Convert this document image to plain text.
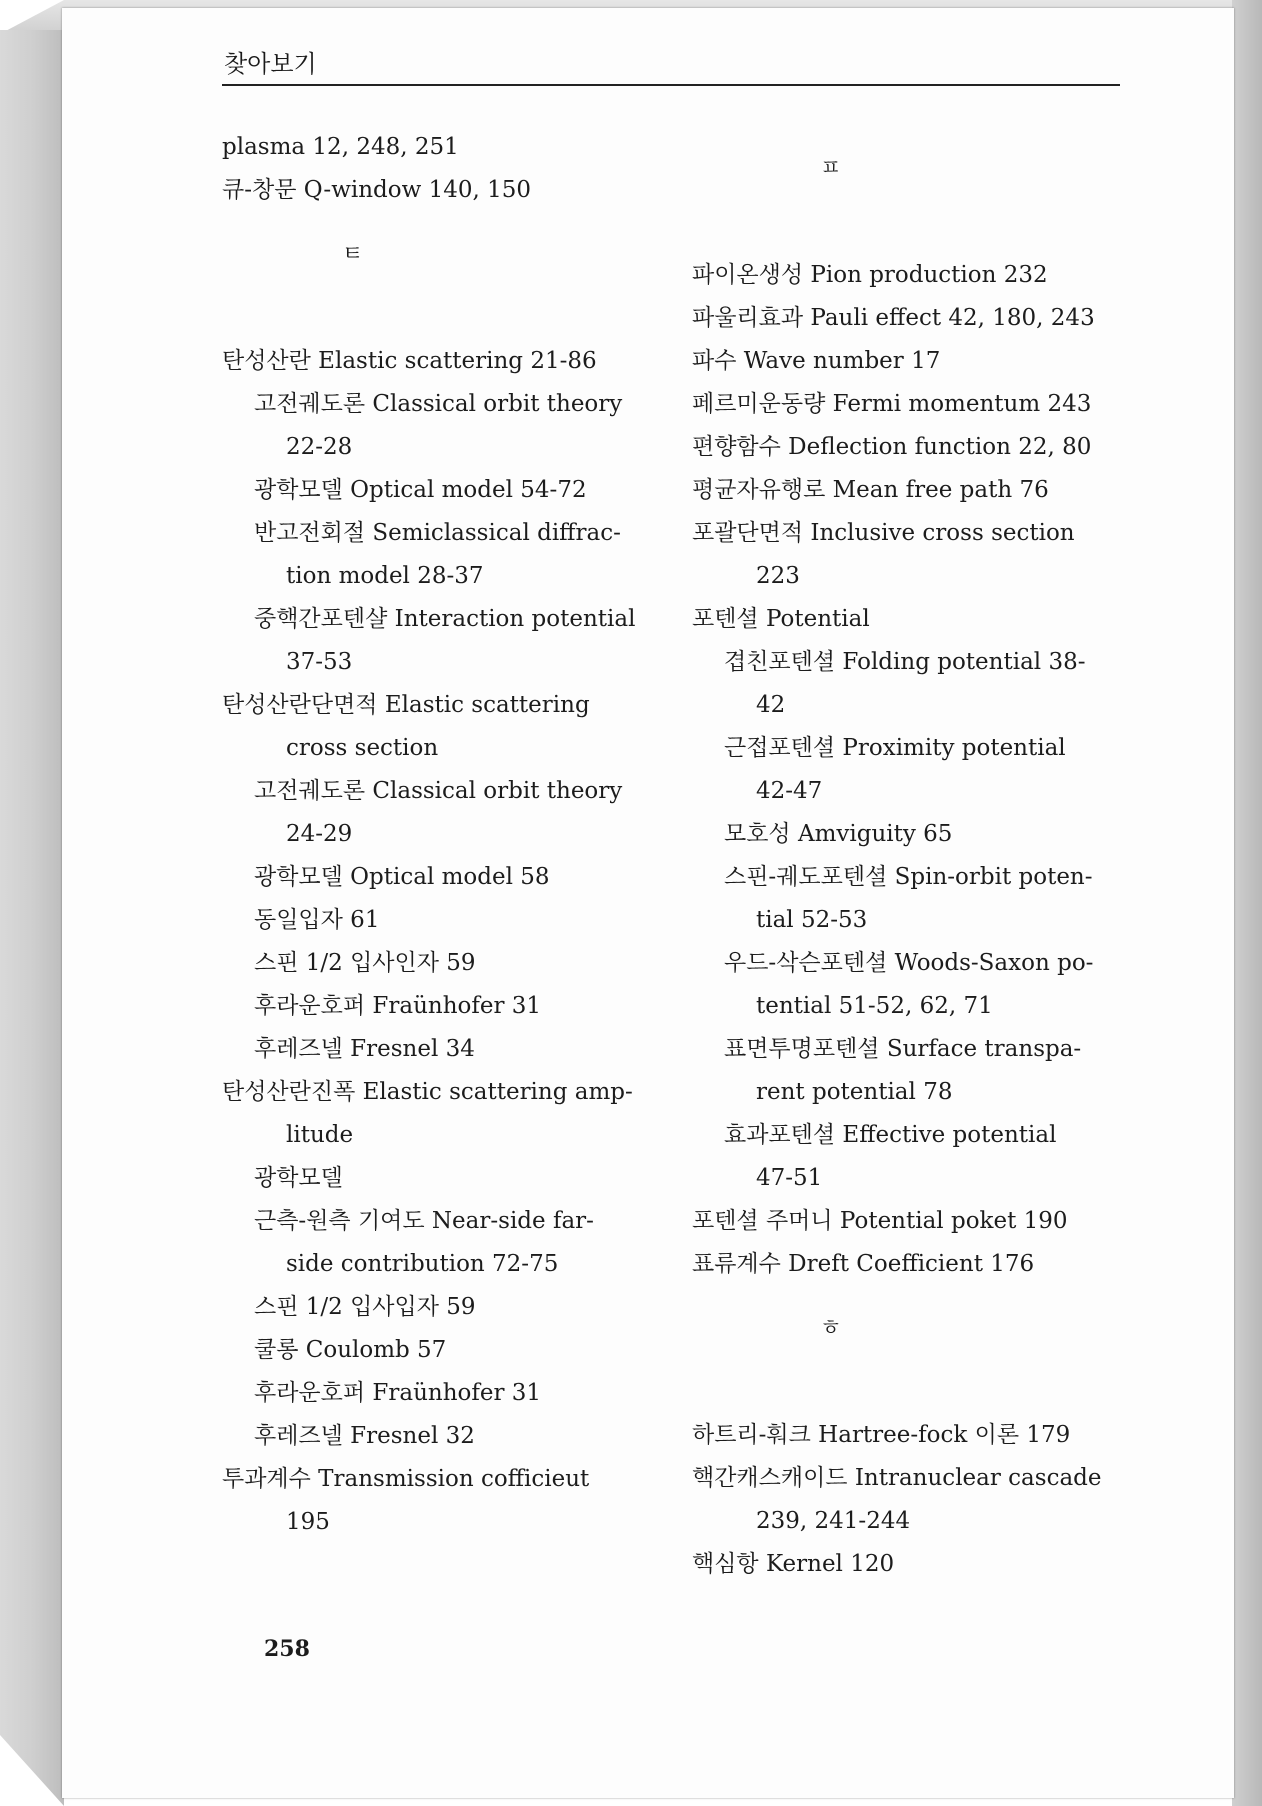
찾아보기
plasma 12, 248, 251
큐-창문 Q-window 140, 150
ㅌ
탄성산란 Elastic scattering 21-86
고전궤도론 Classical orbit theory
22-28
광학모델 Optical model 54-72
반고전회절 Semiclassical diffrac-
tion model 28-37
중핵간포텐샬 Interaction potential
37-53
탄성산란단면적 Elastic scattering
cross section
고전궤도론 Classical orbit theory
24-29
광학모델 Optical model 58
동일입자 61
스핀 1/2 입사인자 59
후라운호퍼 Fraünhofer 31
후레즈넬 Fresnel 34
탄성산란진폭 Elastic scattering amp-
litude
광학모델
근측-원측 기여도 Near-side far-
side contribution 72-75
스핀 1/2 입사입자 59
쿨롱 Coulomb 57
후라운호퍼 Fraünhofer 31
후레즈넬 Fresnel 32
투과계수 Transmission cofficieut
195
ㅍ
파이온생성 Pion production 232
파울리효과 Pauli effect 42, 180, 243
파수 Wave number 17
페르미운동량 Fermi momentum 243
편향함수 Deflection function 22, 80
평균자유행로 Mean free path 76
포괄단면적 Inclusive cross section
223
포텐셜 Potential
겹친포텐셜 Folding potential 38-
42
근접포텐셜 Proximity potential
42-47
모호성 Amviguity 65
스핀-궤도포텐셜 Spin-orbit poten-
tial 52-53
우드-삭슨포텐셜 Woods-Saxon po-
tential 51-52, 62, 71
표면투명포텐셜 Surface transpa-
rent potential 78
효과포텐셜 Effective potential
47-51
포텐셜 주머니 Potential poket 190
표류계수 Dreft Coefficient 176
ㅎ
하트리-훠크 Hartree-fock 이론 179
핵간캐스캐이드 Intranuclear cascade
239, 241-244
핵심항 Kernel 120
258
